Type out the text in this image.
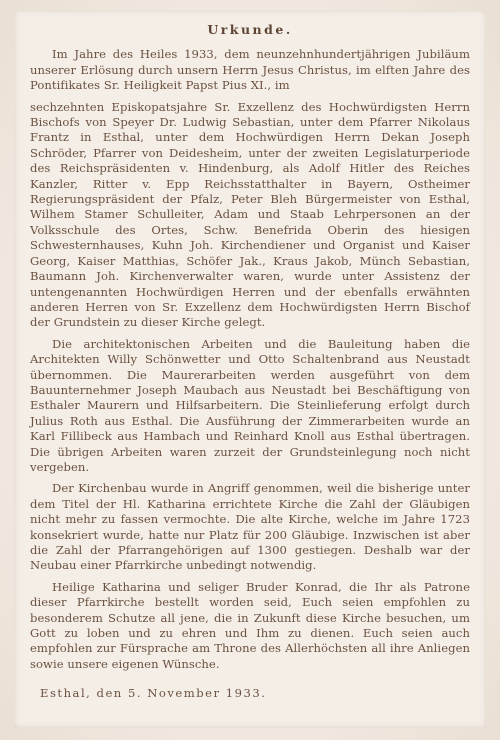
Urkunde.

Im Jahre des Heiles 1933, dem neunzehnhundertjährigen Jubiläum unserer Erlösung durch unsern Herrn Jesus Christus, im elften Jahre des Pontifikates Sr. Heiligkeit Papst Pius XI., im

sechzehnten Episkopatsjahre Sr. Exzellenz des Hochwürdigsten Herrn Bischofs von Speyer Dr. Ludwig Sebastian, unter dem Pfarrer Nikolaus Frantz in Esthal, unter dem Hochwürdigen Herrn Dekan Joseph Schröder, Pfarrer von Deidesheim, unter der zweiten Legislaturperiode des Reichspräsidenten v. Hindenburg, als Adolf Hitler des Reiches Kanzler, Ritter v. Epp Reichsstatthalter in Bayern, Ostheimer Regierungspräsident der Pfalz, Peter Bleh Bürgermeister von Esthal, Wilhem Stamer Schulleiter, Adam und Staab Lehrpersonen an der Volksschule des Ortes, Schw. Benefrida Oberin des hiesigen Schwesternhauses, Kuhn Joh. Kirchendiener und Organist und Kaiser Georg, Kaiser Matthias, Schöfer Jak., Kraus Jakob, Münch Sebastian, Baumann Joh. Kirchenverwalter waren, wurde unter Assistenz der untengenannten Hochwürdigen Herren und der ebenfalls erwähnten anderen Herren von Sr. Exzellenz dem Hochwürdigsten Herrn Bischof der Grundstein zu dieser Kirche gelegt.

Die architektonischen Arbeiten und die Bauleitung haben die Architekten Willy Schönwetter und Otto Schaltenbrand aus Neustadt übernommen. Die Maurerarbeiten werden ausgeführt von dem Bauunternehmer Joseph Maubach aus Neustadt bei Beschäftigung von Esthaler Maurern und Hilfsarbeitern. Die Steinlieferung erfolgt durch Julius Roth aus Esthal. Die Ausführung der Zimmerarbeiten wurde an Karl Fillibeck aus Hambach und Reinhard Knoll aus Esthal übertragen. Die übrigen Arbeiten waren zurzeit der Grundsteinlegung noch nicht vergeben.

Der Kirchenbau wurde in Angriff genommen, weil die bisherige unter dem Titel der Hl. Katharina errichtete Kirche die Zahl der Gläubigen nicht mehr zu fassen vermochte. Die alte Kirche, welche im Jahre 1723 konsekriert wurde, hatte nur Platz für 200 Gläubige. Inzwischen ist aber die Zahl der Pfarrangehörigen auf 1300 gestiegen. Deshalb war der Neubau einer Pfarrkirche unbedingt notwendig.

Heilige Katharina und seliger Bruder Konrad, die Ihr als Patrone dieser Pfarrkirche bestellt worden seid, Euch seien empfohlen zu besonderem Schutze all jene, die in Zukunft diese Kirche besuchen, um Gott zu loben und zu ehren und Ihm zu dienen. Euch seien auch empfohlen zur Fürsprache am Throne des Allerhöchsten all ihre Anliegen sowie unsere eigenen Wünsche.

Esthal, den 5. November 1933.
